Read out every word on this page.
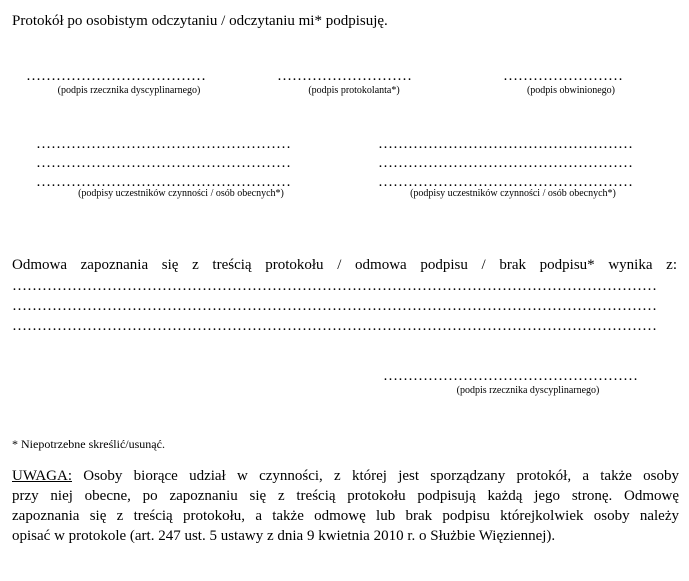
Protokół po osobistym odczytaniu / odczytaniu mi* podpisuję.
………………………………
(podpis rzecznika dyscyplinarnego)
………………………
(podpis protokolanta*)
……………………
(podpis obwinionego)
……………………………………………
……………………………………………
……………………………………………
(podpisy uczestników czynności / osób obecnych*)
……………………………………………
……………………………………………
……………………………………………
(podpisy uczestników czynności / osób obecnych*)
Odmowa zapoznania się z treścią protokołu / odmowa podpisu / brak podpisu* wynika z:
…………………………………………………………………………………………………………………
…………………………………………………………………………………………………………………
…………………………………………………………………………………………………………………
……………………………………………
(podpis rzecznika dyscyplinarnego)
* Niepotrzebne skreślić/usunąć.
UWAGA: Osoby biorące udział w czynności, z której jest sporządzany protokół, a także osoby
przy niej obecne, po zapoznaniu się z treścią protokołu podpisują każdą jego stronę. Odmowę
zapoznania się z treścią protokołu, a także odmowę lub brak podpisu którejkolwiek osoby należy
opisać w protokole (art. 247 ust. 5 ustawy z dnia 9 kwietnia 2010 r. o Służbie Więziennej).
